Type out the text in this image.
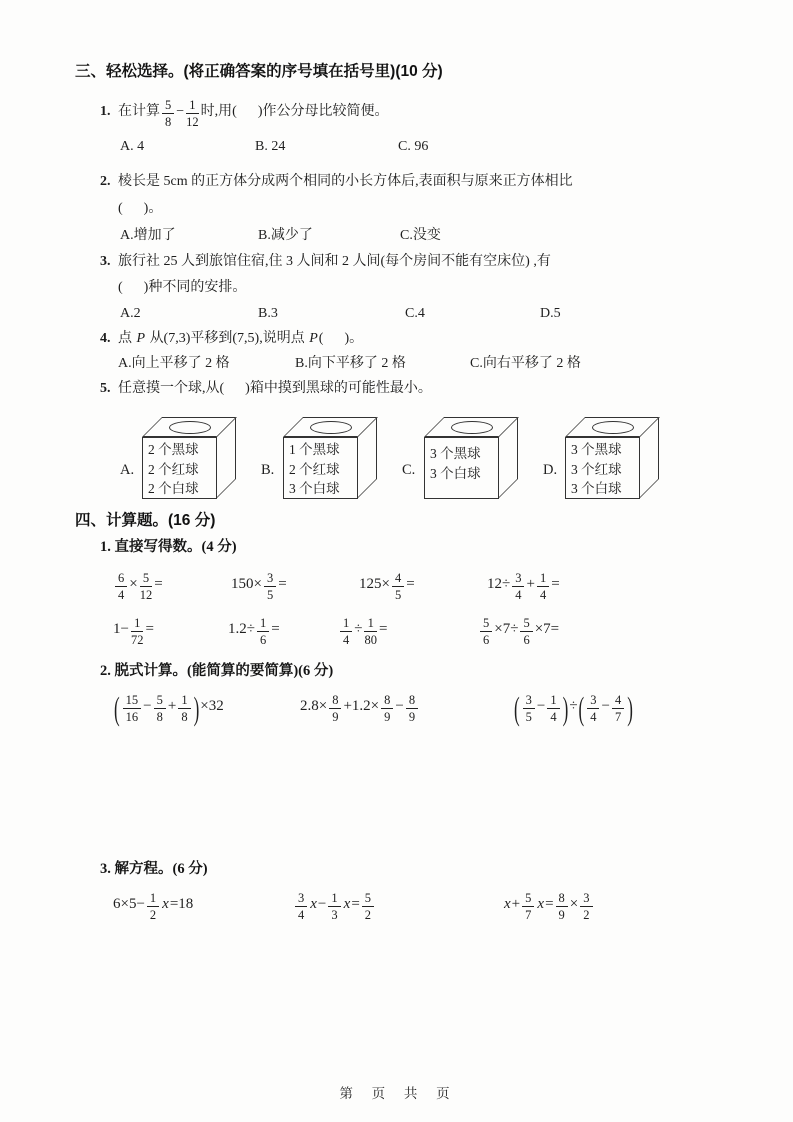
三、轻松选择。(将正确答案的序号填在括号里)(10 分)
1. 在计算 $\frac{5}{8} - \frac{1}{12}$ 时,用(      )作公分母比较简便。
A. 4	B. 24	C. 96
2. 棱长是 5cm 的正方体分成两个相同的小长方体后,表面积与原来正方体相比
(      )。
A.增加了	B.减少了	C.没变
3. 旅行社 25 人到旅馆住宿,住 3 人间和 2 人间(每个房间不能有空床位) ,有
(      )种不同的安排。
A.2	B.3	C.4	D.5
4. 点 P 从(7,3)平移到(7,5),说明点 P(      )。
A.向上平移了 2 格	B.向下平移了 2 格	C.向右平移了 2 格
5. 任意摸一个球,从(      )箱中摸到黑球的可能性最小。
A.
2 个黑球
2 个红球
2 个白球
B.
1 个黑球
2 个红球
3 个白球
C.
3 个黑球
3 个白球	D.
3 个黑球
3 个红球
3 个白球
四、计算题。(16 分)
1. 直接写得数。(4 分)
$\frac{6}{4} \times \frac{5}{12}$ =	$150\times \frac{3}{5}$ =	$125\times \frac{4}{5}$ =	$12\div \frac{3}{4} + \frac{1}{4}$ =
$1- \frac{1}{72}$ =	$1.2\div \frac{1}{6}$ =	$\frac{1}{4} \div \frac{1}{80}$ =	$\frac{5}{6} \times 7\div \frac{5}{6} \times 7=$
2. 脱式计算。(能简算的要简算)(6 分)
( $\frac{15}{16} - \frac{5}{8} + \frac{1}{8} )\times 32$	$2.8\times \frac{8}{9} +1.2\times \frac{8}{9} - \frac{8}{9}$	( $\frac{3}{5} - \frac{1}{4}$ )÷( $\frac{3}{4} - \frac{4}{7}$ )
3. 解方程。(6 分)
$6\times 5- \frac{1}{2} x=18$	$\frac{3}{4} x- \frac{1}{3} x= \frac{5}{2}$	$x+ \frac{5}{7} x= \frac{8}{9} \times \frac{3}{2}$
第  页  共  页
